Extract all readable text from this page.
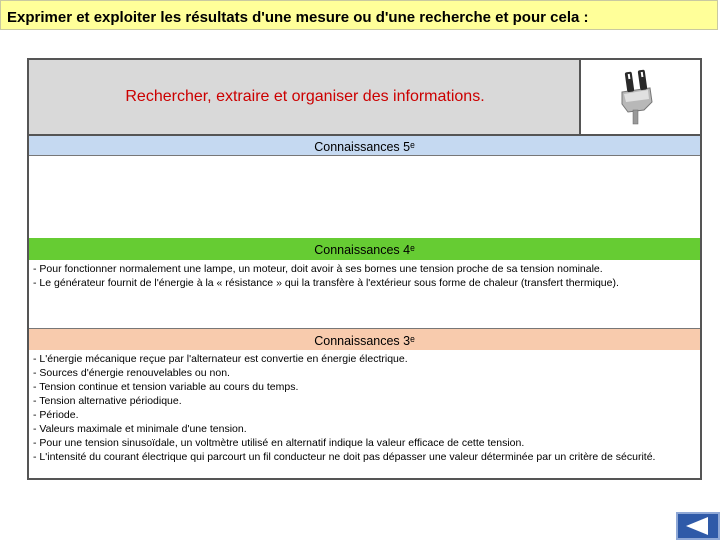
Exprimer et exploiter les résultats d'une mesure ou d'une recherche et pour cela :
Rechercher, extraire et organiser des informations.
Connaissances 5ᵉ
Connaissances 4ᵉ
- Pour fonctionner normalement une lampe, un moteur, doit avoir à ses bornes une tension proche de sa tension nominale.
- Le générateur fournit de l'énergie à la « résistance » qui la transfère à l'extérieur sous forme de chaleur (transfert thermique).
Connaissances 3ᵉ
- L'énergie mécanique reçue par l'alternateur est convertie en énergie électrique.
- Sources d'énergie renouvelables ou non.
- Tension continue et tension variable au cours du temps.
- Tension alternative périodique.
- Période.
- Valeurs maximale et minimale d'une tension.
- Pour une tension sinusoïdale, un voltmètre utilisé en alternatif indique la valeur efficace de cette tension.
- L'intensité du courant électrique qui parcourt un fil conducteur ne doit pas dépasser une valeur déterminée par un critère de sécurité.
